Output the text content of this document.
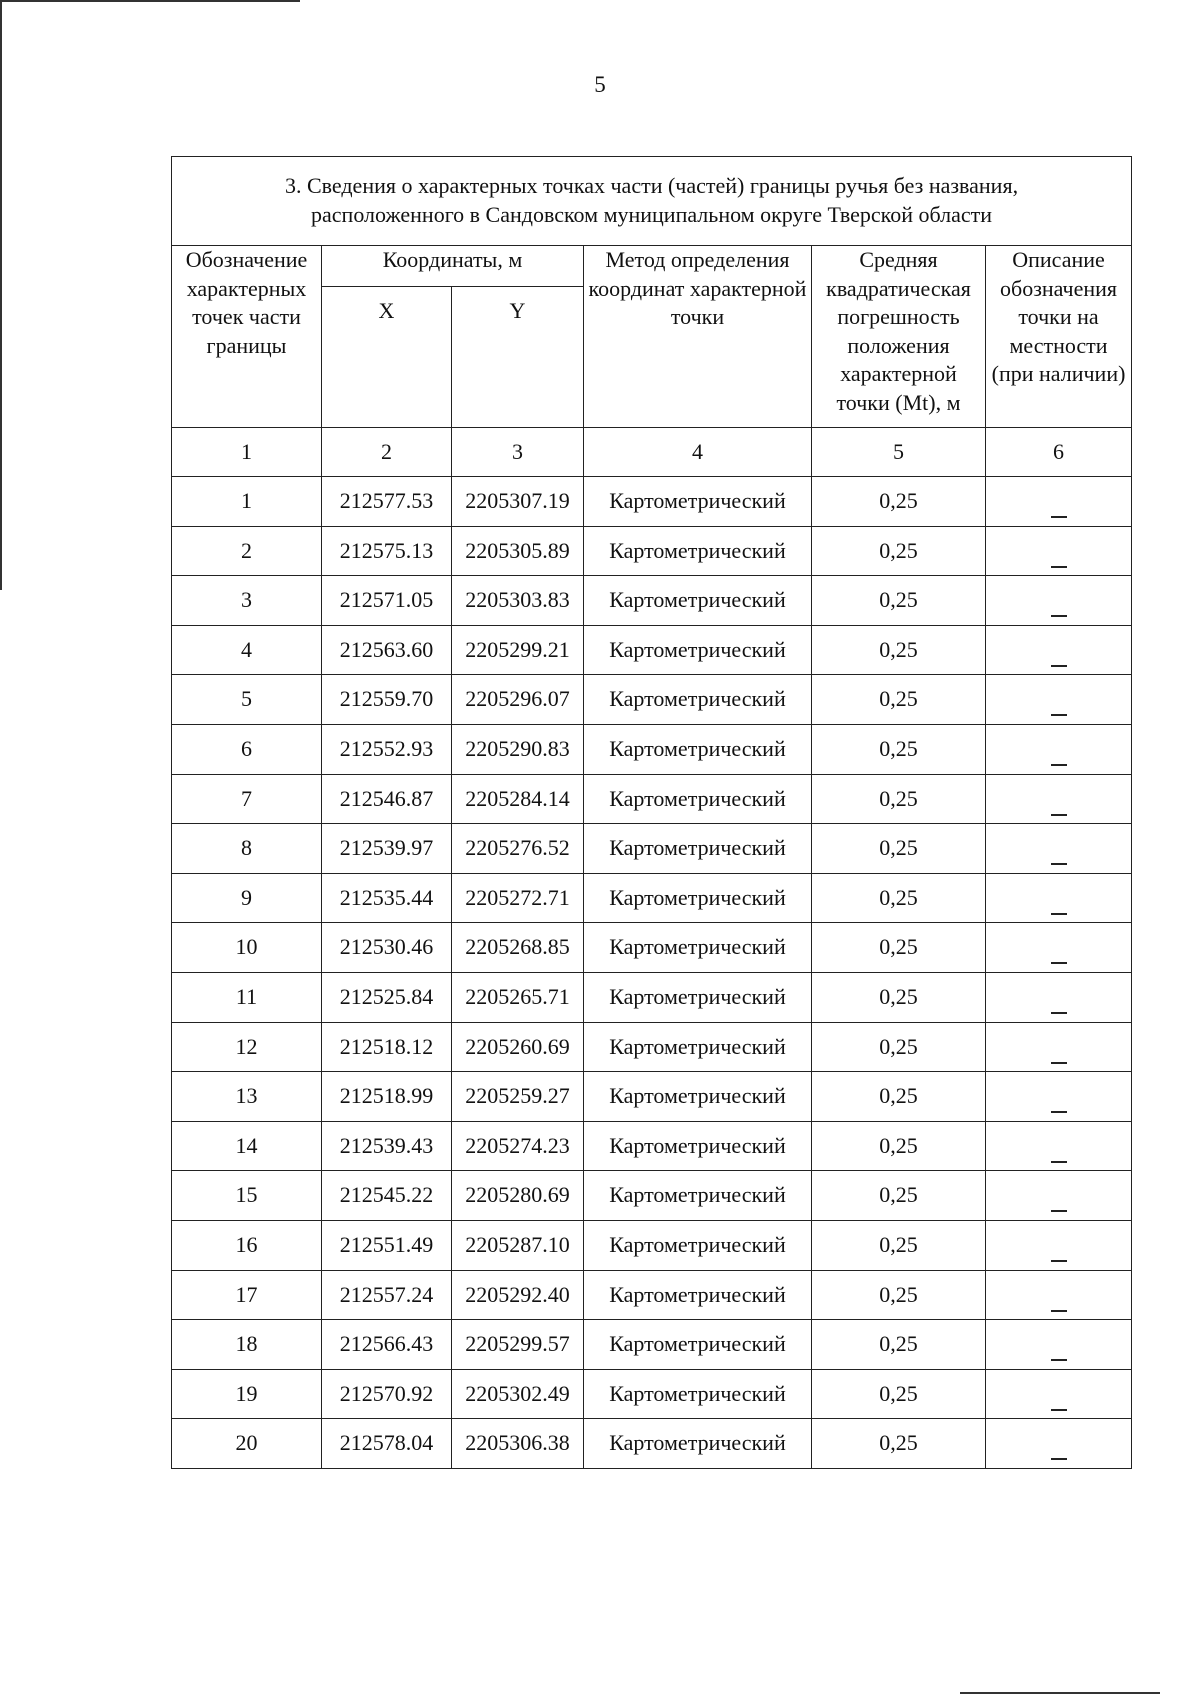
5
3. Сведения о характерных точках части (частей) границы ручья без названия, расположенного в Сандовском муниципальном округе Тверской области					
Обозначение характерных точек части границы	Координаты, м		Метод определения координат характерной точки	Средняя квадратическая погрешность положения характерной точки (Mt), м	Описание обозначения точки на местности (при наличии)
	X	Y			
1	2	3	4	5	6
1	212577.53	2205307.19	Картометрический	0,25	
2	212575.13	2205305.89	Картометрический	0,25	
3	212571.05	2205303.83	Картометрический	0,25	
4	212563.60	2205299.21	Картометрический	0,25	
5	212559.70	2205296.07	Картометрический	0,25	
6	212552.93	2205290.83	Картометрический	0,25	
7	212546.87	2205284.14	Картометрический	0,25	
8	212539.97	2205276.52	Картометрический	0,25	
9	212535.44	2205272.71	Картометрический	0,25	
10	212530.46	2205268.85	Картометрический	0,25	
11	212525.84	2205265.71	Картометрический	0,25	
12	212518.12	2205260.69	Картометрический	0,25	
13	212518.99	2205259.27	Картометрический	0,25	
14	212539.43	2205274.23	Картометрический	0,25	
15	212545.22	2205280.69	Картометрический	0,25	
16	212551.49	2205287.10	Картометрический	0,25	
17	212557.24	2205292.40	Картометрический	0,25	
18	212566.43	2205299.57	Картометрический	0,25	
19	212570.92	2205302.49	Картометрический	0,25	
20	212578.04	2205306.38	Картометрический	0,25	
